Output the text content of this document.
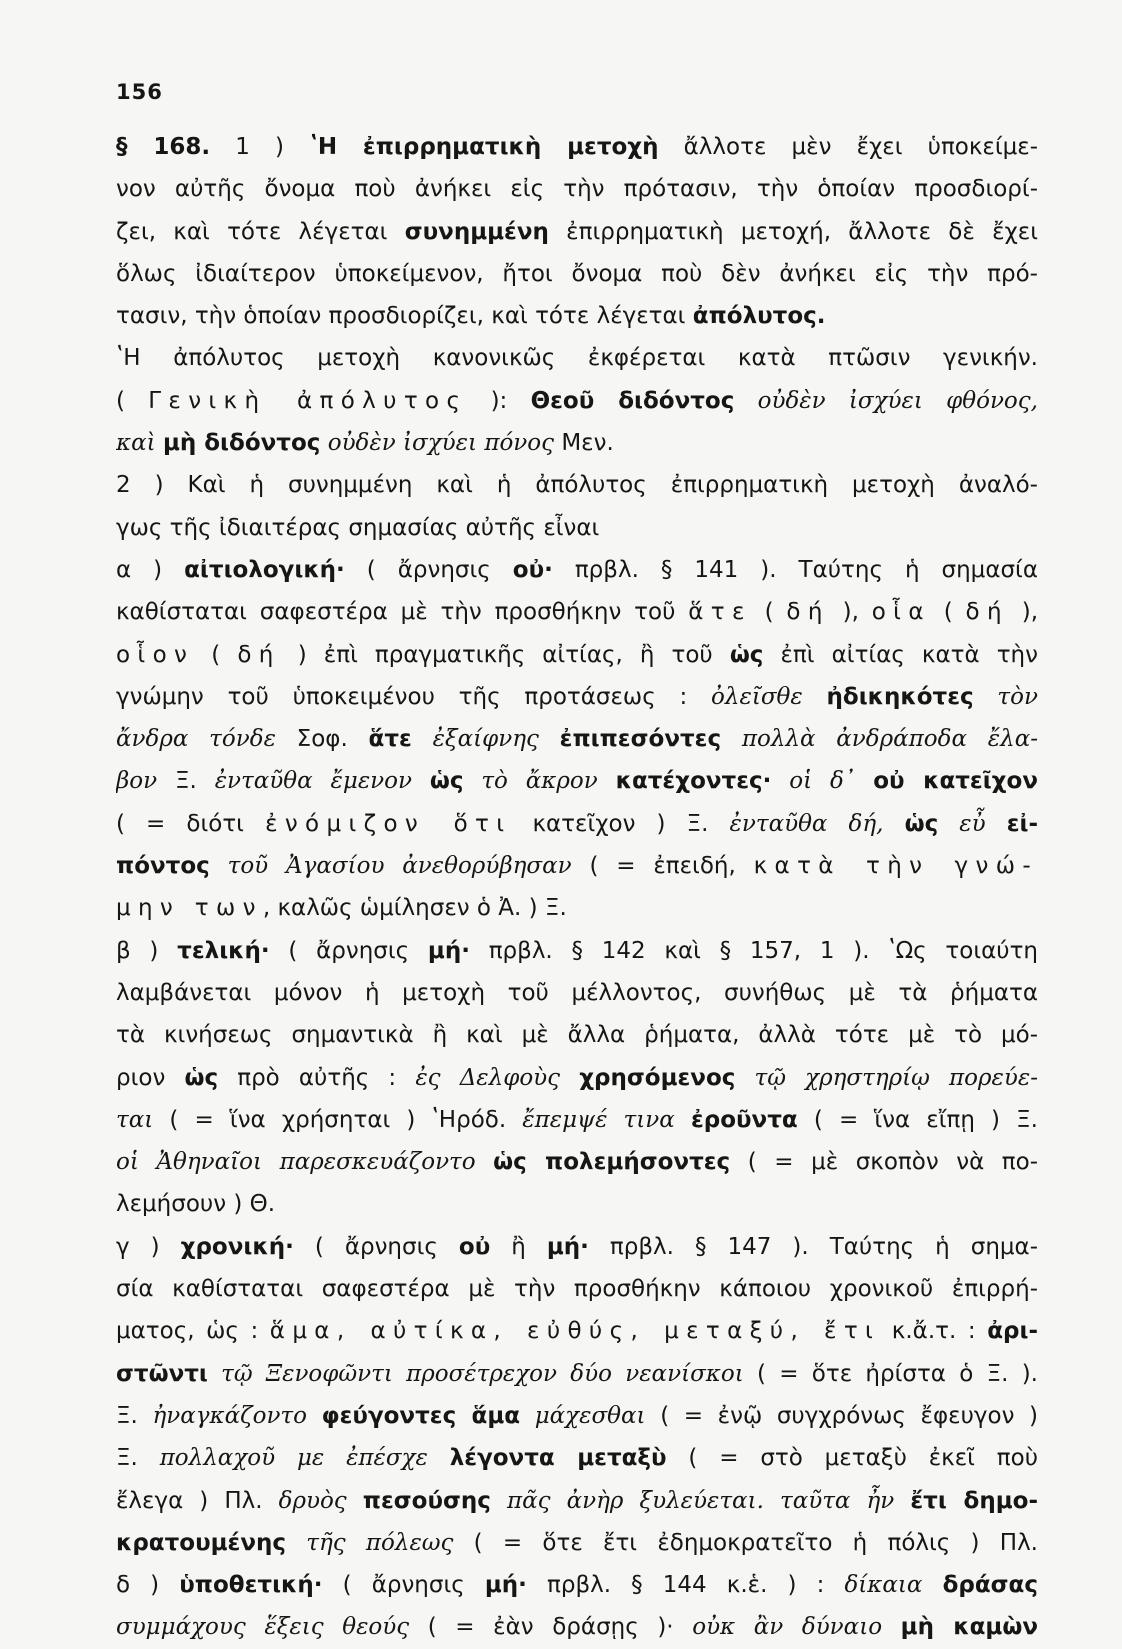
156
§ 168. 1 ) ʽΗ ἐπιρρηματικὴ μετοχὴ ἄλλοτε μὲν ἔχει ὑποκείμε-
νον αὐτῆς ὄνομα ποὺ ἀνήκει εἰς τὴν πρότασιν, τὴν ὁποίαν προσδιορί-
ζει, καὶ τότε λέγεται συνημμένη ἐπιρρηματικὴ μετοχή, ἄλλοτε δὲ ἔχει
ὅλως ἰδιαίτερον ὑποκείμενον, ἤτοι ὄνομα ποὺ δὲν ἀνήκει εἰς τὴν πρό-
τασιν, τὴν ὁποίαν προσδιορίζει, καὶ τότε λέγεται ἀπόλυτος.
ʽΗ ἀπόλυτος μετοχὴ κανονικῶς ἐκφέρεται κατὰ πτῶσιν γενικήν.
( Γενικὴ ἀπόλυτος ): Θεοῦ διδόντος οὐδὲν ἰσχύει φθόνος,
καὶ μὴ διδόντος οὐδὲν ἰσχύει πόνος Μεν.
2 ) Καὶ ἡ συνημμένη καὶ ἡ ἀπόλυτος ἐπιρρηματικὴ μετοχὴ ἀναλό-
γως τῆς ἰδιαιτέρας σημασίας αὐτῆς εἶναι
α ) αἰτιολογική· ( ἄρνησις οὐ· πρβλ. § 141 ). Ταύτης ἡ σημασία
καθίσταται σαφεστέρα μὲ τὴν προσθήκην τοῦ ἅτε ( δή ), οἷα ( δή ),
οἷον ( δή ) ἐπὶ πραγματικῆς αἰτίας, ἢ τοῦ ὡς ἐπὶ αἰτίας κατὰ τὴν
γνώμην τοῦ ὑποκειμένου τῆς προτάσεως : ὀλεῖσθε ἠδικηκότες τὸν
ἄνδρα τόνδε Σοφ. ἅτε ἐξαίφνης ἐπιπεσόντες πολλὰ ἀνδράποδα ἔλα-
βον Ξ. ἐνταῦθα ἔμενον ὡς τὸ ἄκρον κατέχοντες· οἱ δ᾽ οὐ κατεῖχον
( = διότι ἐνόμιζον ὅτι κατεῖχον ) Ξ. ἐνταῦθα δή, ὡς εὖ εἰ-
πόντος τοῦ Ἀγασίου ἀνεθορύβησαν ( = ἐπειδή, κατὰ τὴν γνώ-
μην των, καλῶς ὡμίλησεν ὁ Ἀ. ) Ξ.
β ) τελική· ( ἄρνησις μή· πρβλ. § 142 καὶ § 157, 1 ). ʽΩς τοιαύτη
λαμβάνεται μόνον ἡ μετοχὴ τοῦ μέλλοντος, συνήθως μὲ τὰ ῥήματα
τὰ κινήσεως σημαντικὰ ἢ καὶ μὲ ἄλλα ῥήματα, ἀλλὰ τότε μὲ τὸ μό-
ριον ὡς πρὸ αὐτῆς : ἐς Δελφοὺς χρησόμενος τῷ χρηστηρίῳ πορεύε-
ται ( = ἵνα χρήσηται ) ʽΗρόδ. ἔπεμψέ τινα ἐροῦντα ( = ἵνα εἴπῃ ) Ξ.
οἱ Ἀθηναῖοι παρεσκευάζοντο ὡς πολεμήσοντες ( = μὲ σκοπὸν νὰ πο-
λεμήσουν ) Θ.
γ ) χρονική· ( ἄρνησις οὐ ἢ μή· πρβλ. § 147 ). Ταύτης ἡ σημα-
σία καθίσταται σαφεστέρα μὲ τὴν προσθήκην κάποιου χρονικοῦ ἐπιρρή-
ματος, ὡς : ἅμα, αὐτίκα, εὐθύς, μεταξύ, ἔτι κ.ἄ.τ. : ἀρι-
στῶντι τῷ Ξενοφῶντι προσέτρεχον δύο νεανίσκοι ( = ὅτε ἠρίστα ὁ Ξ. ).
Ξ. ἠναγκάζοντο φεύγοντες ἅμα μάχεσθαι ( = ἐνῷ συγχρόνως ἔφευγον )
Ξ. πολλαχοῦ με ἐπέσχε λέγοντα μεταξὺ ( = στὸ μεταξὺ ἐκεῖ ποὺ
ἔλεγα ) Πλ. δρυὸς πεσούσης πᾶς ἀνὴρ ξυλεύεται. ταῦτα ἦν ἔτι δημο-
κρατουμένης τῆς πόλεως ( = ὅτε ἔτι ἐδημοκρατεῖτο ἡ πόλις ) Πλ.
δ ) ὑποθετική· ( ἄρνησις μή· πρβλ. § 144 κ.ἑ. ) : δίκαια δράσας
συμμάχους ἕξεις θεούς ( = ἐὰν δράσῃς )· οὐκ ἂν δύναιο μὴ καμὼν
